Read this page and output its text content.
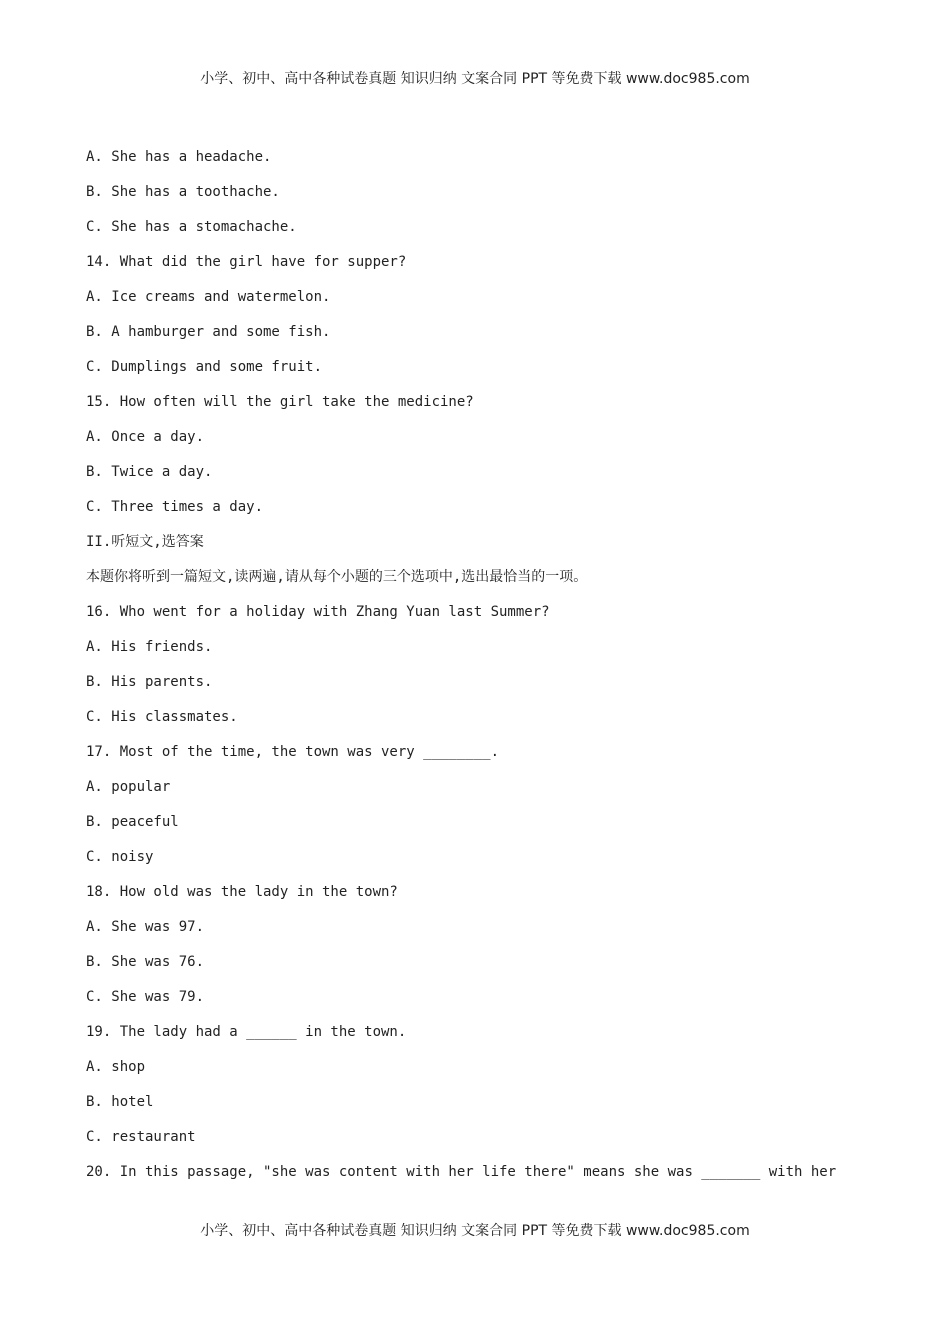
小学、初中、高中各种试卷真题 知识归纳 文案合同 PPT 等免费下载 www.doc985.com
A. She has a headache.
B. She has a toothache.
C. She has a stomachache.
14. What did the girl have for supper?
A. Ice creams and watermelon.
B. A hamburger and some fish.
C. Dumplings and some fruit.
15. How often will the girl take the medicine?
A. Once a day.
B. Twice a day.
C. Three times a day.
II.听短文,选答案
本题你将听到一篇短文,读两遍,请从每个小题的三个选项中,选出最恰当的一项。
16. Who went for a holiday with Zhang Yuan last Summer?
A. His friends.
B. His parents.
C. His classmates.
17. Most of the time, the town was very ________.
A. popular
B. peaceful
C. noisy
18. How old was the lady in the town?
A. She was 97.
B. She was 76.
C. She was 79.
19. The lady had a ______ in the town.
A. shop
B. hotel
C. restaurant
20. In this passage, "she was content with her life there" means she was _______ with her
小学、初中、高中各种试卷真题 知识归纳 文案合同 PPT 等免费下载 www.doc985.com
